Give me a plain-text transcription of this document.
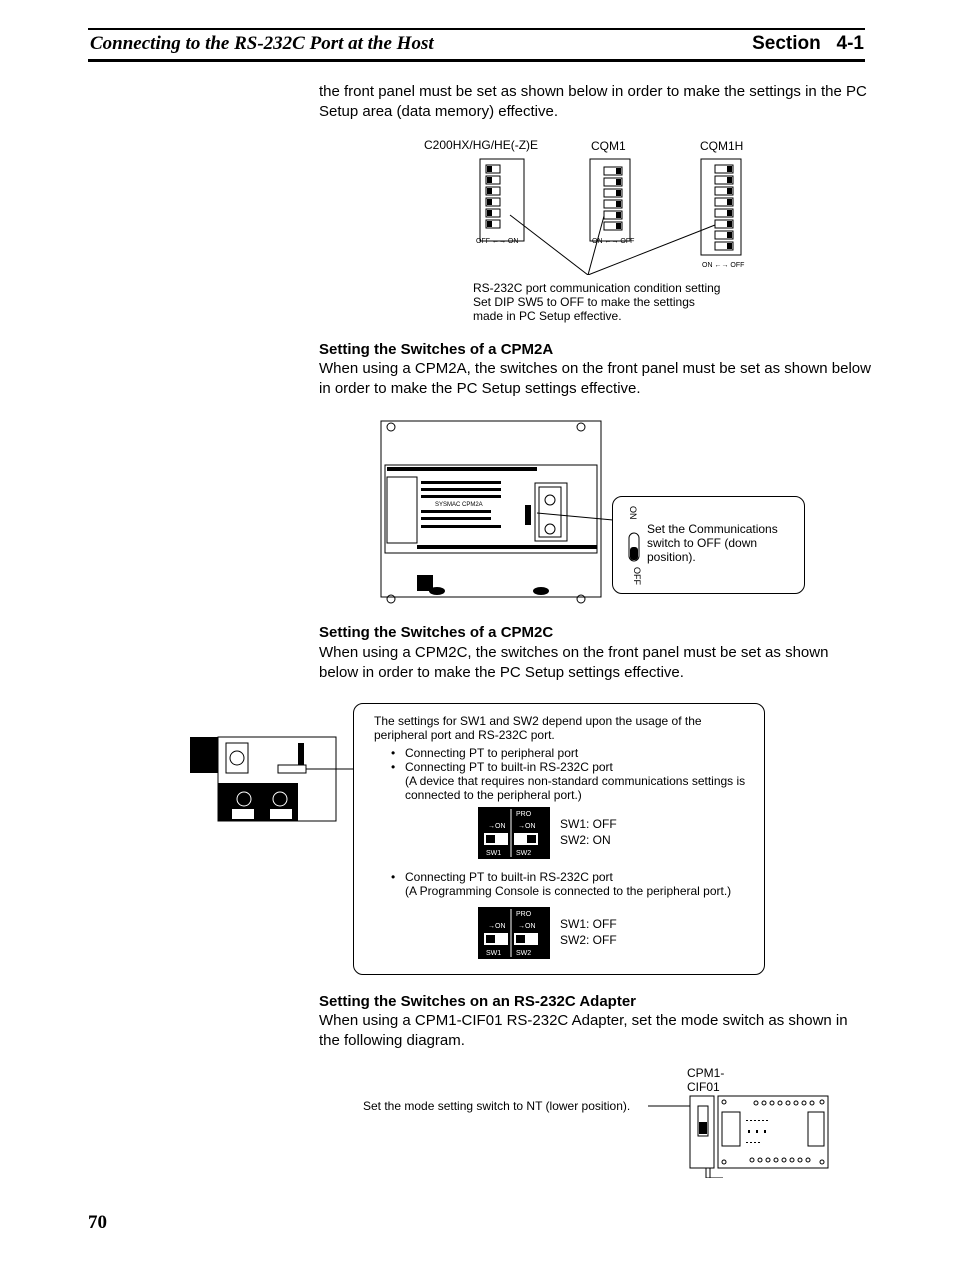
Connecting to the RS-232C Port at the Host	Section   4-1
the front panel must be set as shown below in order to make the settings in the PC Setup area (data memory) effective.
C200HX/HG/HE(-Z)E	CQM1	CQM1H
OFF ←→ ON	ON ←→ OFF
ON ←→ OFF
RS-232C port communication condition setting
Set DIP SW5 to OFF to make the settings
made in PC Setup effective.
Setting the Switches of a CPM2A
When using a CPM2A, the switches on the front panel must be set as shown below in order to make the PC Setup settings effective.
SYSMAC CPM2A
ON
OFF
Set the Communications switch to OFF (down position).
Setting the Switches of a CPM2C
When using a CPM2C, the switches on the front panel must be set as shown below in order to make the PC Setup settings effective.
The settings for SW1 and SW2 depend upon the usage of the peripheral port and RS-232C port.
• Connecting PT to peripheral port
• Connecting PT to built-in RS-232C port
(A device that requires non-standard communications settings is connected to the peripheral port.)
PRO
→ON →ON
SW1 SW2
SW1: OFF
SW2: ON
• Connecting PT to built-in RS-232C port
(A Programming Console is connected to the peripheral port.)
PRO
→ON →ON
SW1 SW2
SW1: OFF
SW2: OFF
Setting the Switches on an RS-232C Adapter
When using a CPM1-CIF01 RS-232C Adapter, set the mode switch as shown in the following diagram.
CPM1-
CIF01
Set the mode setting switch to NT (lower position).
70
